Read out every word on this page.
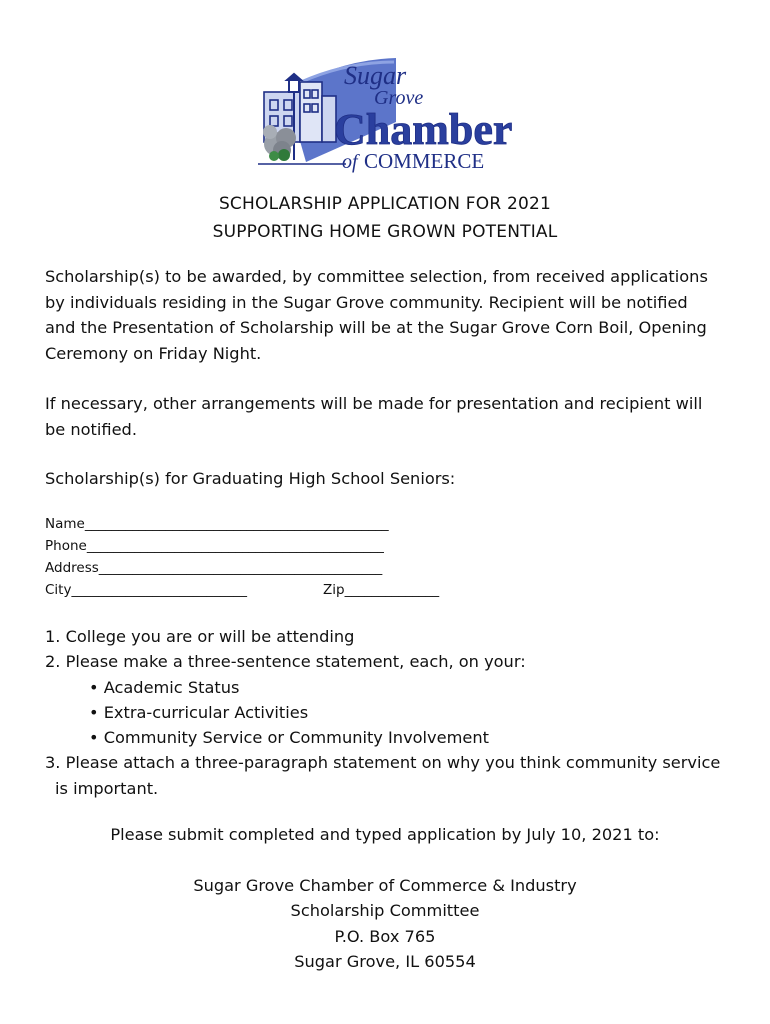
Sugar
Grove
Chamber
of COMMERCE
SCHOLARSHIP APPLICATION FOR 2021
SUPPORTING HOME GROWN POTENTIAL
Scholarship(s) to be awarded, by committee selection, from received applications
by individuals residing in the Sugar Grove community. Recipient will be notified
and the Presentation of Scholarship will be at the Sugar Grove Corn Boil, Opening
Ceremony on Friday Night.
If necessary, other arrangements will be made for presentation and recipient will
be notified.
Scholarship(s) for Graduating High School Seniors:
Name_____________________________________________
Phone____________________________________________
Address__________________________________________
City__________________________	Zip______________
1. College you are or will be attending
2. Please make a three-sentence statement, each, on your:
• Academic Status
• Extra-curricular Activities
• Community Service or Community Involvement
3. Please attach a three-paragraph statement on why you think community service
is important.
Please submit completed and typed application by July 10, 2021 to:
Sugar Grove Chamber of Commerce & Industry
Scholarship Committee
P.O. Box 765
Sugar Grove, IL 60554
